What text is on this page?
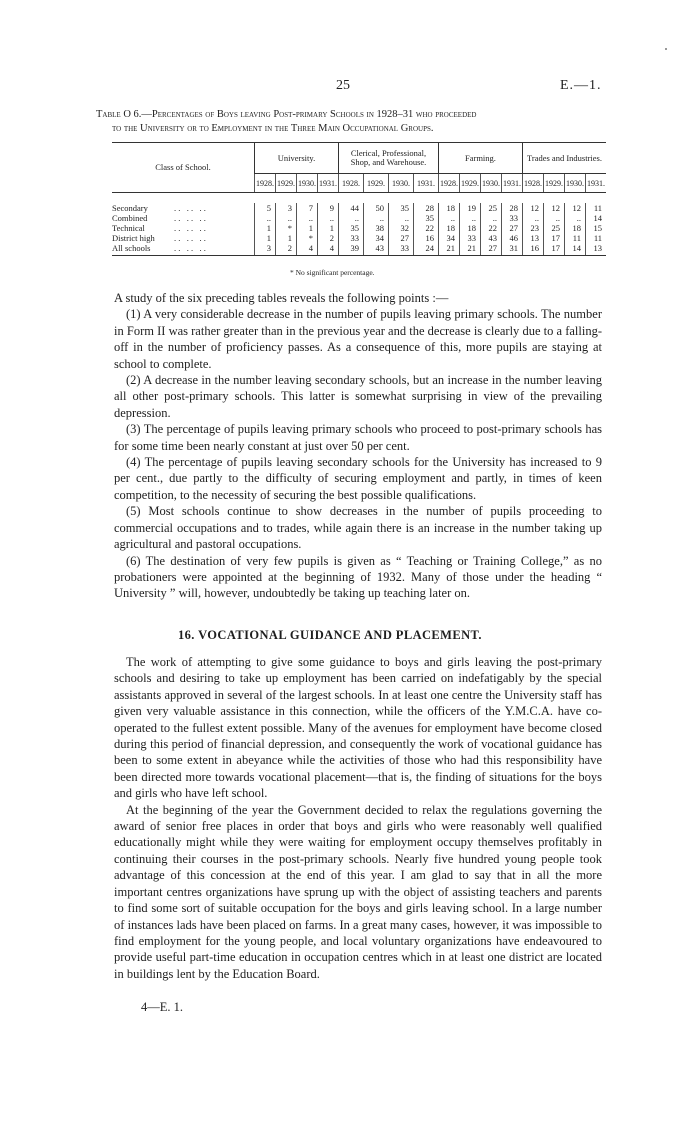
25	E.—1.
Table O 6.—Percentages of Boys leaving Post-primary Schools in 1928–31 who proceeded
to the University or to Employment in the Three Main Occupational Groups.
Class of School.	University.				Clerical, Professional, Shop, and Warehouse.				Farming.				Trades and Industries.			
	1928.	1929.	1930.	1931.	1928.	1929.	1930.	1931.	1928.	1929.	1930.	1931.	1928.	1929.	1930.	1931.

Secondary . .   . .   . .	5	3	7	9	44	50	35	28	18	19	25	28	12	12	12	11
Combined . .   . .   . .	..	..	..	..	..	..	..	35	..	..	..	33	..	..	..	14
Technical . .   . .   . .	1	*	1	1	35	38	32	22	18	18	22	27	23	25	18	15
District high . .   . .   . .	1	1	*	2	33	34	27	16	34	33	43	46	13	17	11	11
All schools . .   . .   . .	3	2	4	4	39	43	33	24	21	21	27	31	16	17	14	13
* No significant percentage.

A study of the six preceding tables reveals the following points :—

(1) A very considerable decrease in the number of pupils leaving primary schools. The number in Form II was rather greater than in the previous year and the decrease is clearly due to a falling-off in the number of proficiency passes. As a consequence of this, more pupils are staying at school to complete.

(2) A decrease in the number leaving secondary schools, but an increase in the number leaving all other post-primary schools. This latter is somewhat surprising in view of the prevailing depression.

(3) The percentage of pupils leaving primary schools who proceed to post-primary schools has for some time been nearly constant at just over 50 per cent.

(4) The percentage of pupils leaving secondary schools for the University has increased to 9 per cent., due partly to the difficulty of securing employment and partly, in times of keen competition, to the necessity of securing the best possible qualifications.

(5) Most schools continue to show decreases in the number of pupils proceeding to commercial occupations and to trades, while again there is an increase in the number taking up agricultural and pastoral occupations.

(6) The destination of very few pupils is given as “ Teaching or Training College,” as no probationers were appointed at the beginning of 1932. Many of those under the heading “ University ” will, however, undoubtedly be taking up teaching later on.

16. VOCATIONAL GUIDANCE AND PLACEMENT.

The work of attempting to give some guidance to boys and girls leaving the post-primary schools and desiring to take up employment has been carried on indefatigably by the special assistants approved in several of the largest schools. In at least one centre the University staff has given very valuable assistance in this connection, while the officers of the Y.M.C.A. have co-operated to the fullest extent possible. Many of the avenues for employment have become closed during this period of financial depression, and consequently the work of vocational guidance has been to some extent in abeyance while the activities of those who had this responsibility have been directed more towards vocational placement—that is, the finding of situations for the boys and girls who have left school.

At the beginning of the year the Government decided to relax the regulations governing the award of senior free places in order that boys and girls who were reasonably well qualified educationally might while they were waiting for employment occupy themselves profitably in continuing their courses in the post-primary schools. Nearly five hundred young people took advantage of this concession at the end of this year. I am glad to say that in all the more important centres organizations have sprung up with the object of assisting teachers and parents to find some sort of suitable occupation for the boys and girls leaving school. In a large number of instances lads have been placed on farms. In a great many cases, however, it was impossible to find employment for the young people, and local voluntary organizations have endeavoured to provide useful part-time education in occupation centres which in at least one district are located in buildings lent by the Education Board.

4—E. 1.
